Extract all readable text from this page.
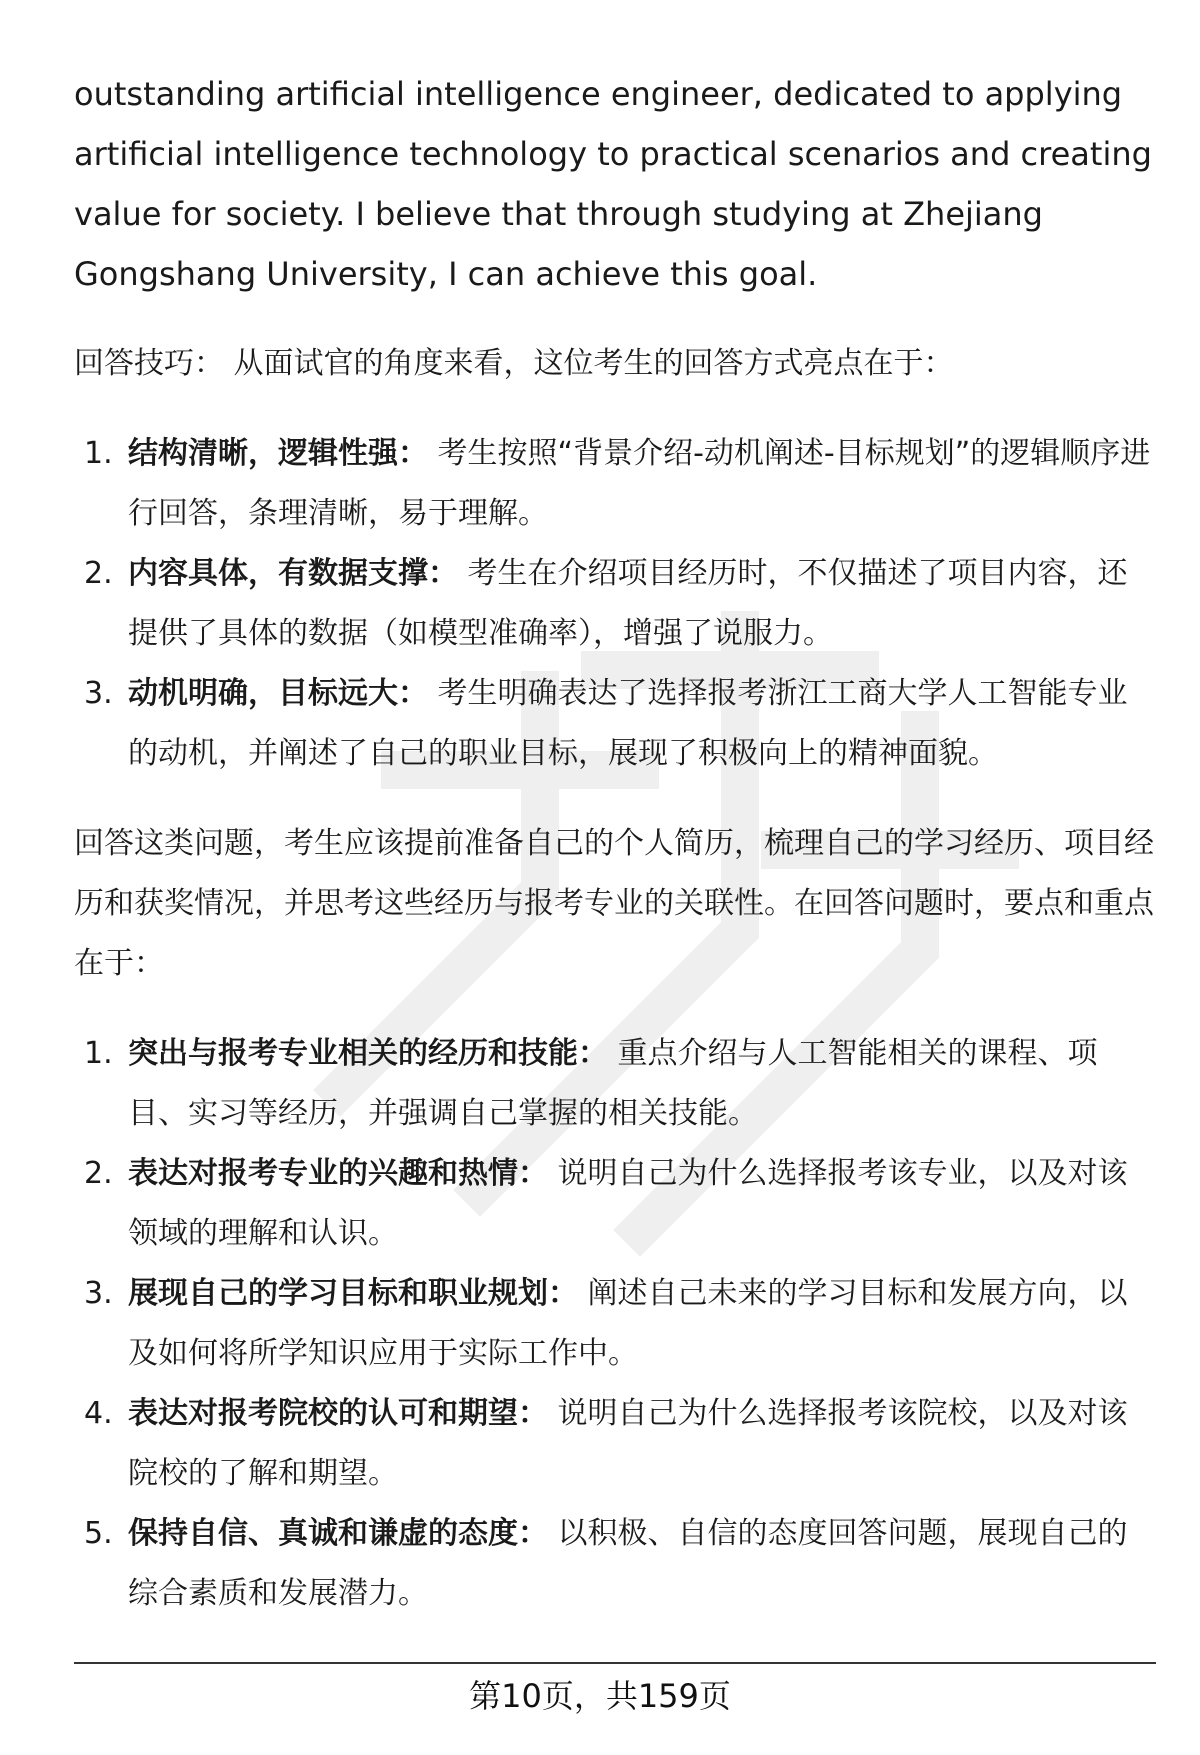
outstanding artificial intelligence engineer, dedicated to applying artificial intelligence technology to practical scenarios and creating value for society. I believe that through studying at Zhejiang Gongshang University, I can achieve this goal.

回答技巧： 从面试官的角度来看，这位考生的回答方式亮点在于：

1. 结构清晰，逻辑性强： 考生按照“背景介绍-动机阐述-目标规划”的逻辑顺序进行回答，条理清晰，易于理解。
2. 内容具体，有数据支撑： 考生在介绍项目经历时，不仅描述了项目内容，还提供了具体的数据（如模型准确率），增强了说服力。
3. 动机明确，目标远大： 考生明确表达了选择报考浙江工商大学人工智能专业的动机，并阐述了自己的职业目标，展现了积极向上的精神面貌。

回答这类问题，考生应该提前准备自己的个人简历，梳理自己的学习经历、项目经历和获奖情况，并思考这些经历与报考专业的关联性。在回答问题时，要点和重点在于：

1. 突出与报考专业相关的经历和技能： 重点介绍与人工智能相关的课程、项目、实习等经历，并强调自己掌握的相关技能。
2. 表达对报考专业的兴趣和热情： 说明自己为什么选择报考该专业，以及对该领域的理解和认识。
3. 展现自己的学习目标和职业规划： 阐述自己未来的学习目标和发展方向，以及如何将所学知识应用于实际工作中。
4. 表达对报考院校的认可和期望： 说明自己为什么选择报考该院校，以及对该院校的了解和期望。
5. 保持自信、真诚和谦虚的态度： 以积极、自信的态度回答问题，展现自己的综合素质和发展潜力。
第10页，共159页
